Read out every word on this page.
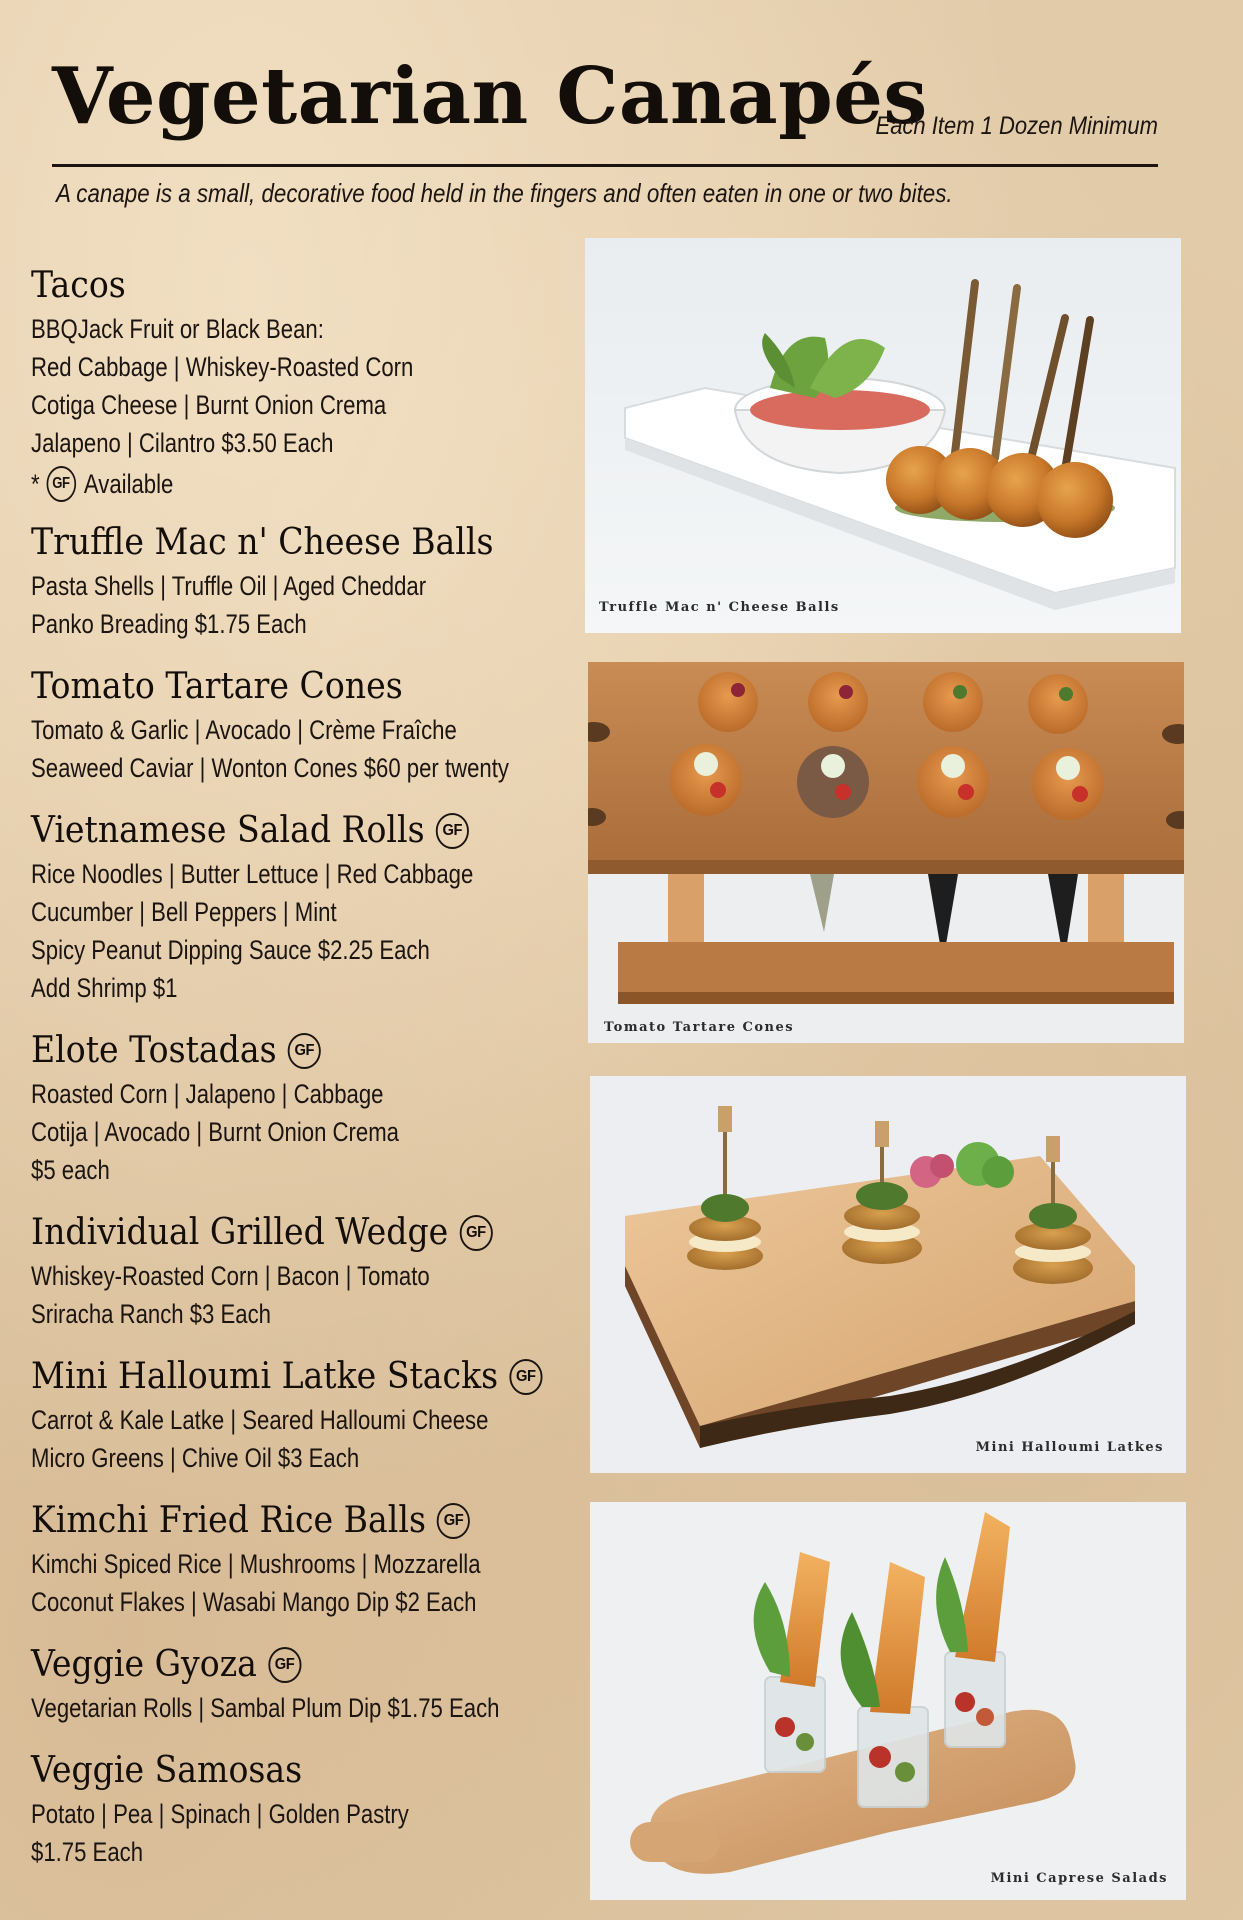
Vegetarian Canapés
Each Item 1 Dozen Minimum
A canape is a small, decorative food held in the fingers and often eaten in one or two bites.
Tacos
BBQJack Fruit or Black Bean:
Red Cabbage | Whiskey-Roasted Corn
Cotiga Cheese | Burnt Onion Crema
Jalapeno | Cilantro $3.50 Each
* GF Available
Truffle Mac n' Cheese Balls
Pasta Shells | Truffle Oil | Aged Cheddar
Panko Breading $1.75 Each
Tomato Tartare Cones
Tomato & Garlic | Avocado | Crème Fraîche
Seaweed Caviar | Wonton Cones $60 per twenty
Vietnamese Salad Rolls	GF
Rice Noodles | Butter Lettuce | Red Cabbage
Cucumber | Bell Peppers | Mint
Spicy Peanut Dipping Sauce $2.25 Each
Add Shrimp $1
Elote Tostadas	GF
Roasted Corn | Jalapeno | Cabbage
Cotija | Avocado | Burnt Onion Crema
$5 each
Individual Grilled Wedge	GF
Whiskey-Roasted Corn | Bacon | Tomato
Sriracha Ranch $3 Each
Mini Halloumi Latke Stacks	GF
Carrot & Kale Latke | Seared Halloumi Cheese
Micro Greens | Chive Oil $3 Each
Kimchi Fried Rice Balls	GF
Kimchi Spiced Rice | Mushrooms | Mozzarella
Coconut Flakes | Wasabi Mango Dip $2 Each
Veggie Gyoza	GF
Vegetarian Rolls | Sambal Plum Dip $1.75 Each
Veggie Samosas
Potato | Pea | Spinach | Golden Pastry
$1.75 Each
Truffle Mac n' Cheese Balls
Tomato Tartare Cones
Mini Halloumi Latkes
Mini Caprese Salads
